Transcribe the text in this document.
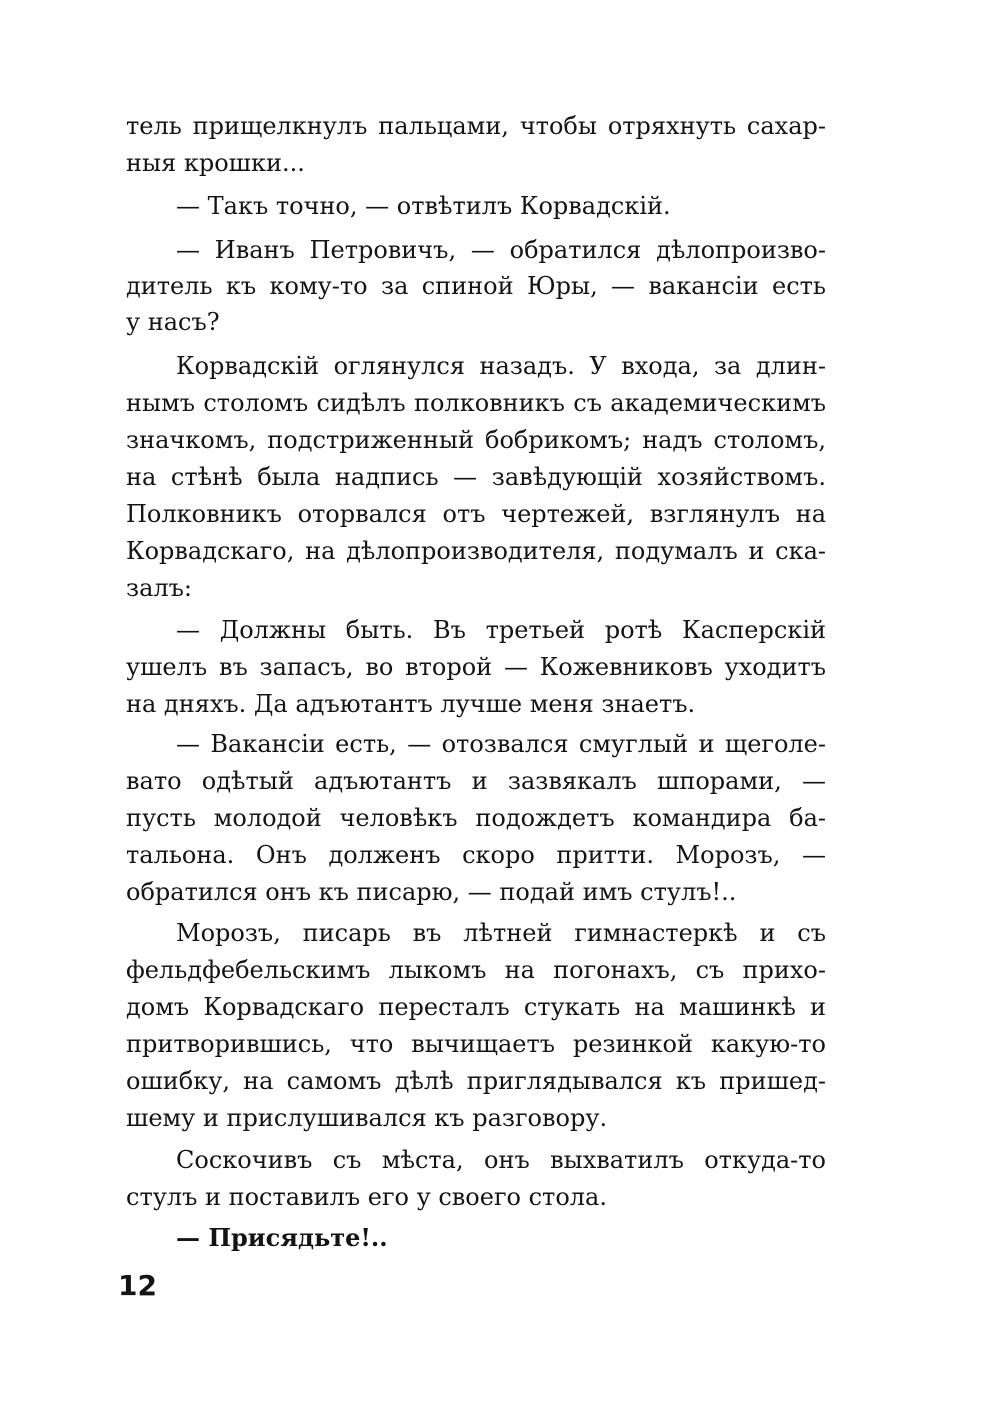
тель прищелкнулъ пальцами, чтобы отряхнуть сахар-
ныя крошки...
— Такъ точно, — отвѣтилъ Корвадскій.
— Иванъ Петровичъ, — обратился дѣлопроизво-
дитель къ кому-то за спиной Юры, — вакансіи есть
у насъ?
Корвадскій оглянулся назадъ. У входа, за длин-
нымъ столомъ сидѣлъ полковникъ съ академическимъ
значкомъ, подстриженный бобрикомъ; надъ столомъ,
на стѣнѣ была надпись — завѣдующій хозяйствомъ.
Полковникъ оторвался отъ чертежей, взглянулъ на
Корвадскаго, на дѣлопроизводителя, подумалъ и ска-
залъ:
— Должны быть. Въ третьей ротѣ Касперскій
ушелъ въ запасъ, во второй — Кожевниковъ уходитъ
на дняхъ. Да адъютантъ лучше меня знаетъ.
— Вакансіи есть, — отозвался смуглый и щеголе-
вато одѣтый адъютантъ и зазвякалъ шпорами, —
пусть молодой человѣкъ подождетъ командира ба-
тальона. Онъ долженъ скоро притти. Морозъ, —
обратился онъ къ писарю, — подай имъ стулъ!..
Морозъ, писарь въ лѣтней гимнастеркѣ и съ
фельдфебельскимъ лыкомъ на погонахъ, съ прихо-
домъ Корвадскаго пересталъ стукать на машинкѣ и
притворившись, что вычищаетъ резинкой какую-то
ошибку, на самомъ дѣлѣ приглядывался къ пришед-
шему и прислушивался къ разговору.
Соскочивъ съ мѣста, онъ выхватилъ откуда-то
стулъ и поставилъ его у своего стола.
— Присядьте!..
12
